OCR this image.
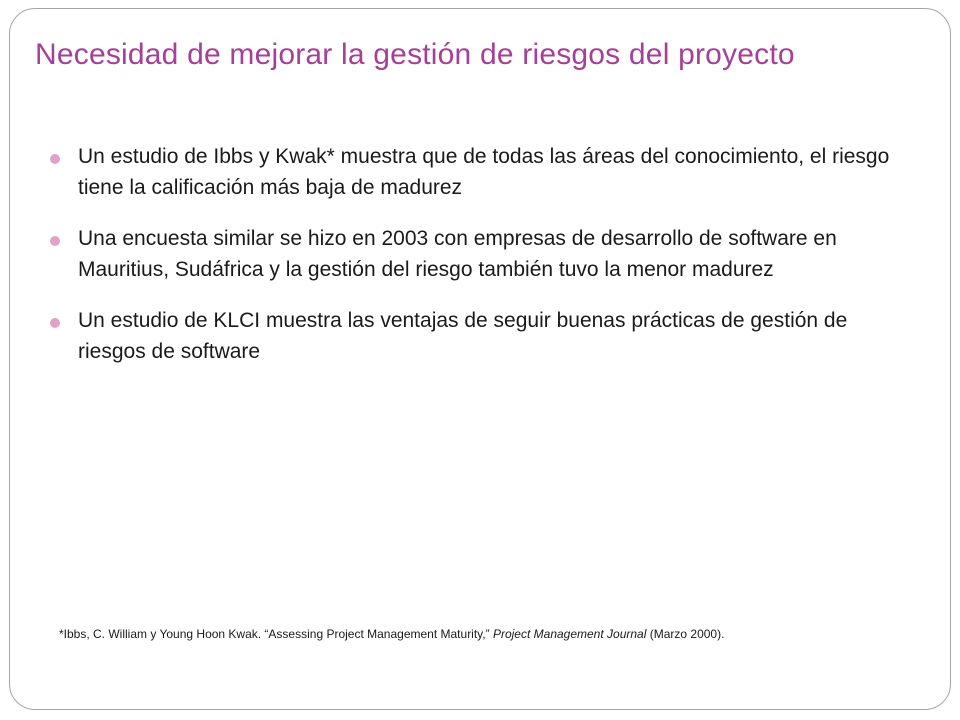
Necesidad de mejorar la gestión de riesgos del proyecto
Un estudio de Ibbs y Kwak* muestra que de todas las áreas del conocimiento, el riesgo tiene la calificación más baja de madurez
Una encuesta similar se hizo en 2003 con empresas de desarrollo de software en Mauritius, Sudáfrica y la gestión del riesgo también tuvo la menor madurez
Un estudio de KLCI muestra las ventajas de seguir buenas prácticas de gestión de riesgos de software

*Ibbs, C. William y Young Hoon Kwak. “Assessing Project Management Maturity,” Project Management Journal (Marzo 2000).
